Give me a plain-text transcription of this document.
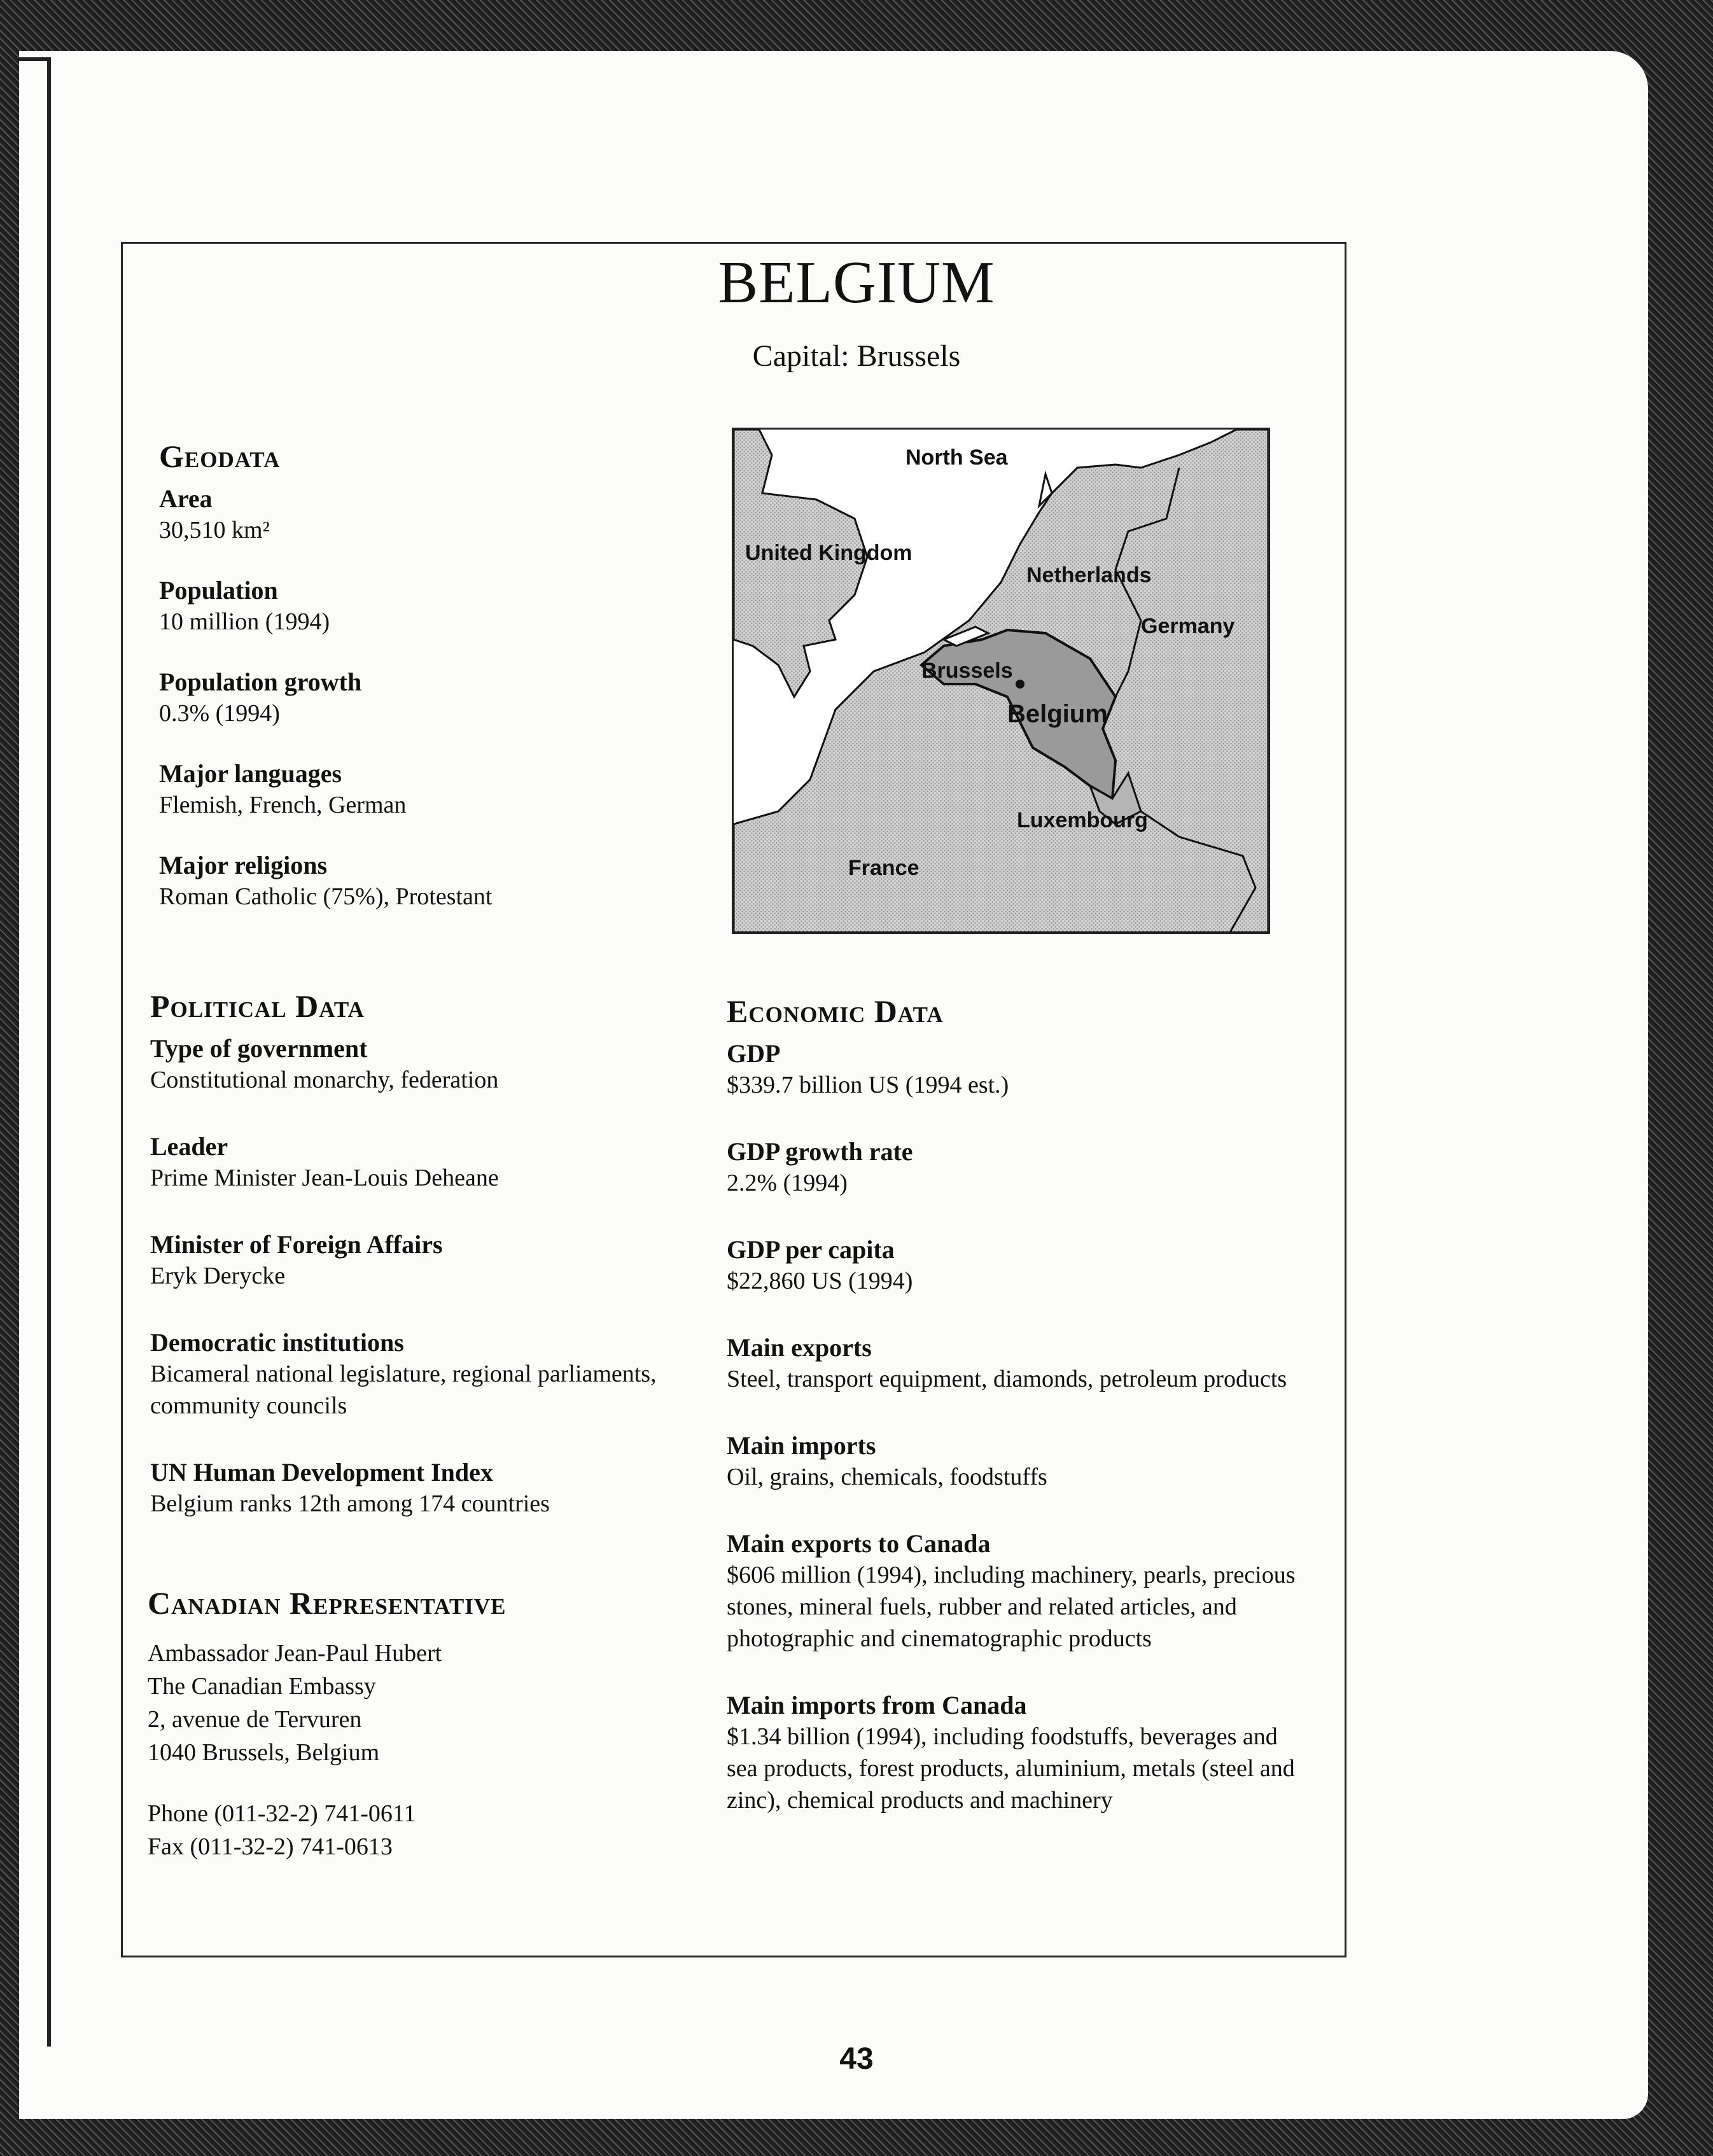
BELGIUM
Capital: Brussels
Geodata
Area
30,510 km²
Population
10 million (1994)
Population growth
0.3% (1994)
Major languages
Flemish, French, German
Major religions
Roman Catholic (75%), Protestant
North Sea
United Kingdom
Netherlands
Germany
Brussels
Belgium
Luxembourg
France
Political Data
Type of government
Constitutional monarchy, federation
Leader
Prime Minister Jean-Louis Deheane
Minister of Foreign Affairs
Eryk Derycke
Democratic institutions
Bicameral national legislature, regional parliaments, community councils
UN Human Development Index
Belgium ranks 12th among 174 countries
Canadian Representative
Ambassador Jean-Paul Hubert
The Canadian Embassy
2, avenue de Tervuren
1040 Brussels, Belgium
Phone (011-32-2) 741-0611
Fax (011-32-2) 741-0613
Economic Data
GDP
$339.7 billion US (1994 est.)
GDP growth rate
2.2% (1994)
GDP per capita
$22,860 US (1994)
Main exports
Steel, transport equipment, diamonds, petroleum products
Main imports
Oil, grains, chemicals, foodstuffs
Main exports to Canada
$606 million (1994), including machinery, pearls, precious stones, mineral fuels, rubber and related articles, and photographic and cinematographic products
Main imports from Canada
$1.34 billion (1994), including foodstuffs, beverages and sea products, forest products, aluminium, metals (steel and zinc), chemical products and machinery
43
